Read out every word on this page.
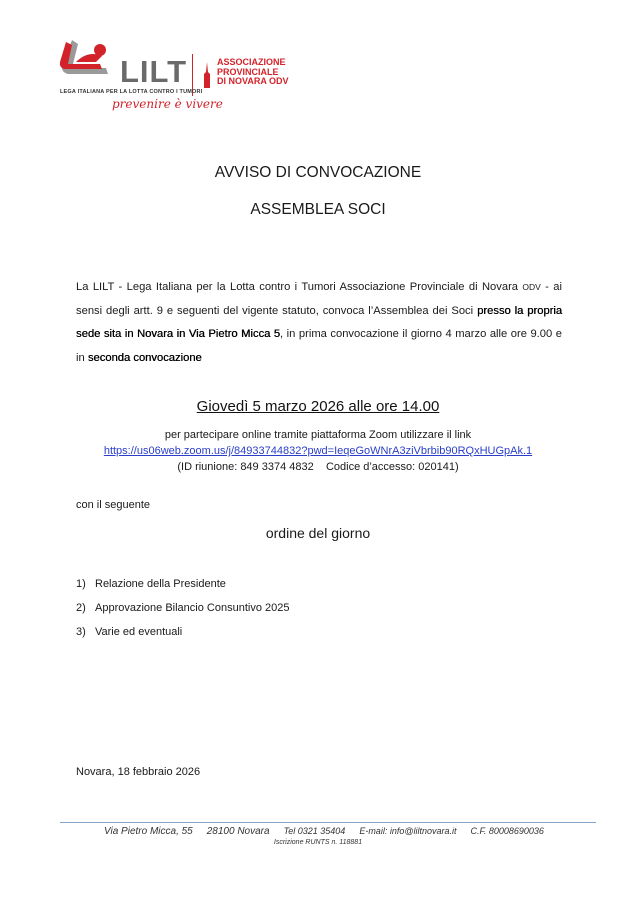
LILT	ASSOCIAZIONE
PROVINCIALE
DI NOVARA ODV
LEGA ITALIANA PER LA LOTTA CONTRO I TUMORI
prevenire è vivere
AVVISO DI CONVOCAZIONE
ASSEMBLEA SOCI
La LILT - Lega Italiana per la Lotta contro i Tumori Associazione Provinciale di Novara ODV - ai sensi degli artt. 9 e seguenti del vigente statuto, convoca l’Assemblea dei Soci presso la propria sede sita in Novara in Via Pietro Micca 5, in prima convocazione il giorno 4 marzo alle ore 9.00 e in seconda convocazione
Giovedì 5 marzo 2026 alle ore 14.00
per partecipare online tramite piattaforma Zoom utilizzare il link
https://us06web.zoom.us/j/84933744832?pwd=IeqeGoWNrA3ziVbrbib90RQxHUGpAk.1
(ID riunione: 849 3374 4832    Codice d’accesso: 020141)
con il seguente
ordine del giorno
1) Relazione della Presidente
2) Approvazione Bilancio Consuntivo 2025
3) Varie ed eventuali
Novara, 18 febbraio 2026
Via Pietro Micca, 55 28100 Novara Tel 0321 35404 E-mail: info@liltnovara.it C.F. 80008690036
Iscrizione RUNTS n. 118881
